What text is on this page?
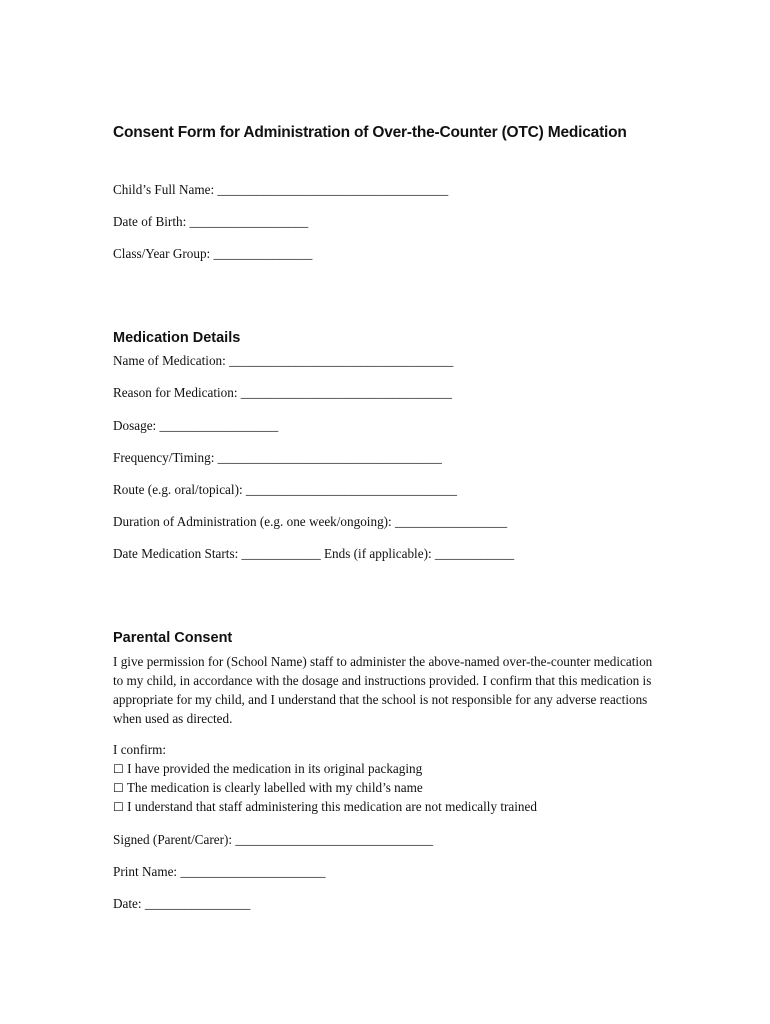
Consent Form for Administration of Over-the-Counter (OTC) Medication
Child’s Full Name: ___________________________________
Date of Birth: __________________
Class/Year Group: _______________
Medication Details
Name of Medication: __________________________________
Reason for Medication: ________________________________
Dosage: __________________
Frequency/Timing: __________________________________
Route (e.g. oral/topical): ________________________________
Duration of Administration (e.g. one week/ongoing): _________________
Date Medication Starts: ____________ Ends (if applicable): ____________
Parental Consent
I give permission for (School Name) staff to administer the above-named over-the-counter medication to my child, in accordance with the dosage and instructions provided. I confirm that this medication is appropriate for my child, and I understand that the school is not responsible for any adverse reactions when used as directed.
I confirm:
☐ I have provided the medication in its original packaging
☐ The medication is clearly labelled with my child’s name
☐ I understand that staff administering this medication are not medically trained
Signed (Parent/Carer): ______________________________
Print Name: ______________________
Date: ________________
